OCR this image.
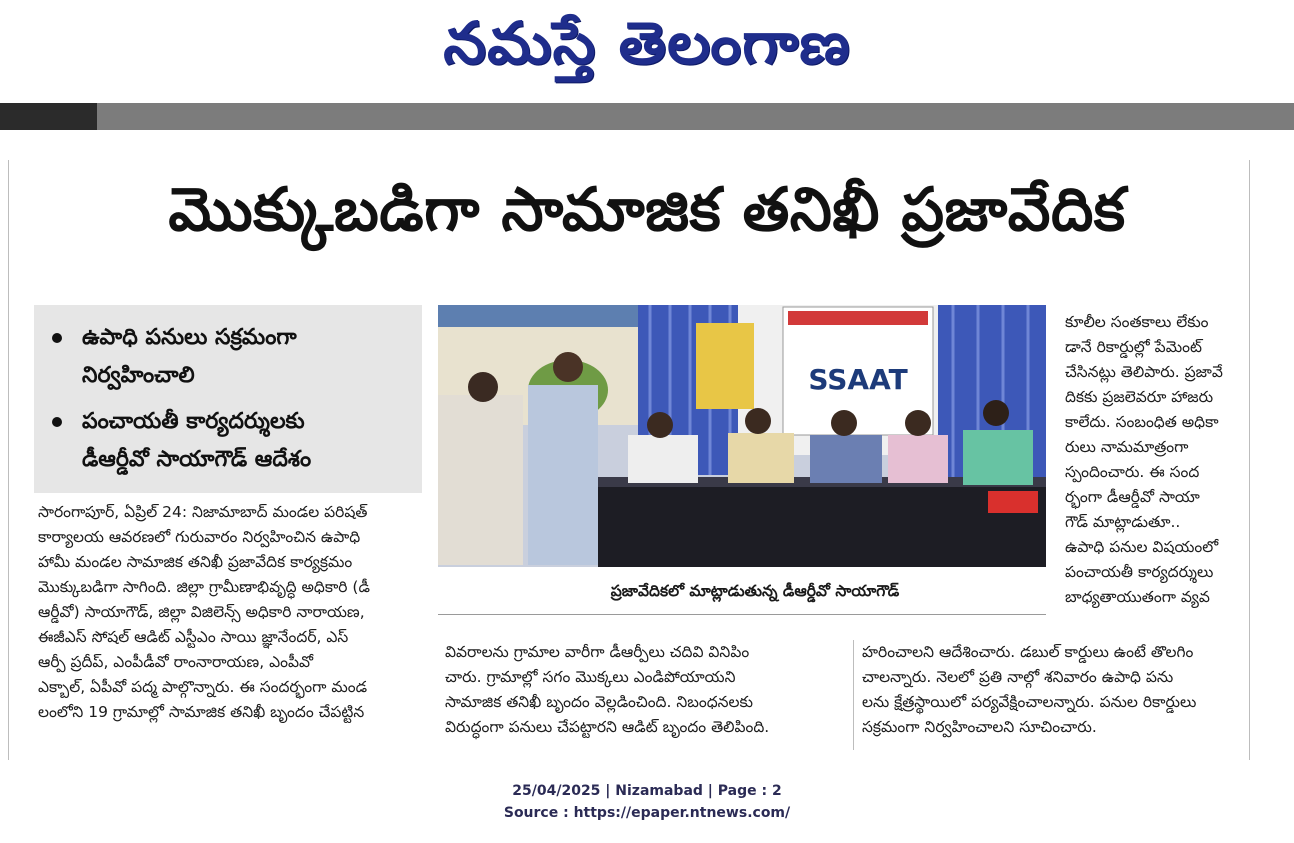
నమస్తే తెలంగాణ
మొక్కుబడిగా సామాజిక తనిఖీ ప్రజావేదిక
ఉపాధి పనులు సక్రమంగా
నిర్వహించాలి
పంచాయతీ కార్యదర్శులకు
డీఆర్డీవో సాయాగౌడ్ ఆదేశం
SSAAT
ప్రజావేదికలో మాట్లాడుతున్న డీఆర్డీవో సాయాగౌడ్
సారంగాపూర్, ఏప్రిల్ 24: నిజామాబాద్ మండల పరిషత్
కార్యాలయ ఆవరణలో గురువారం నిర్వహించిన ఉపాధి
హామీ మండల సామాజిక తనిఖీ ప్రజావేదిక కార్యక్రమం
మొక్కుబడిగా సాగింది. జిల్లా గ్రామీణాభివృద్ధి అధికారి (డీ
ఆర్డీవో) సాయాగౌడ్, జిల్లా విజిలెన్స్ అధికారి నారాయణ,
ఈజీఎస్ సోషల్ ఆడిట్ ఎస్టీఎం సాయి జ్ఞానేందర్, ఎస్
ఆర్పీ ప్రదీప్, ఎంపీడీవో రాంనారాయణ, ఎంపీవో
ఎక్బాల్, ఏపీవో పద్మ పాల్గొన్నారు. ఈ సందర్భంగా మండ
లంలోని 19 గ్రామాల్లో సామాజిక తనిఖీ బృందం చేపట్టిన
వివరాలను గ్రామాల వారీగా డీఆర్పీలు చదివి వినిపిం
చారు. గ్రామాల్లో సగం మొక్కలు ఎండిపోయాయని
సామాజిక తనిఖీ బృందం వెల్లడించింది. నిబంధనలకు
విరుద్ధంగా పనులు చేపట్టారని ఆడిట్ బృందం తెలిపింది.
కూలీల సంతకాలు లేకుం
డానే రికార్డుల్లో పేమెంట్
చేసినట్లు తెలిపారు. ప్రజావే
దికకు ప్రజలెవరూ హాజరు
కాలేదు. సంబంధిత అధికా
రులు నామమాత్రంగా
స్పందించారు. ఈ సంద
ర్భంగా డీఆర్డీవో సాయా
గౌడ్ మాట్లాడుతూ..
ఉపాధి పనుల విషయంలో
పంచాయతీ కార్యదర్శులు
బాధ్యతాయుతంగా వ్యవ
హరించాలని ఆదేశించారు. డబుల్ కార్డులు ఉంటే తొలగిం
చాలన్నారు. నెలలో ప్రతి నాల్గో శనివారం ఉపాధి పను
లను క్షేత్రస్థాయిలో పర్యవేక్షించాలన్నారు. పనుల రికార్డులు
సక్రమంగా నిర్వహించాలని సూచించారు.
25/04/2025 | Nizamabad | Page : 2
Source : https://epaper.ntnews.com/
